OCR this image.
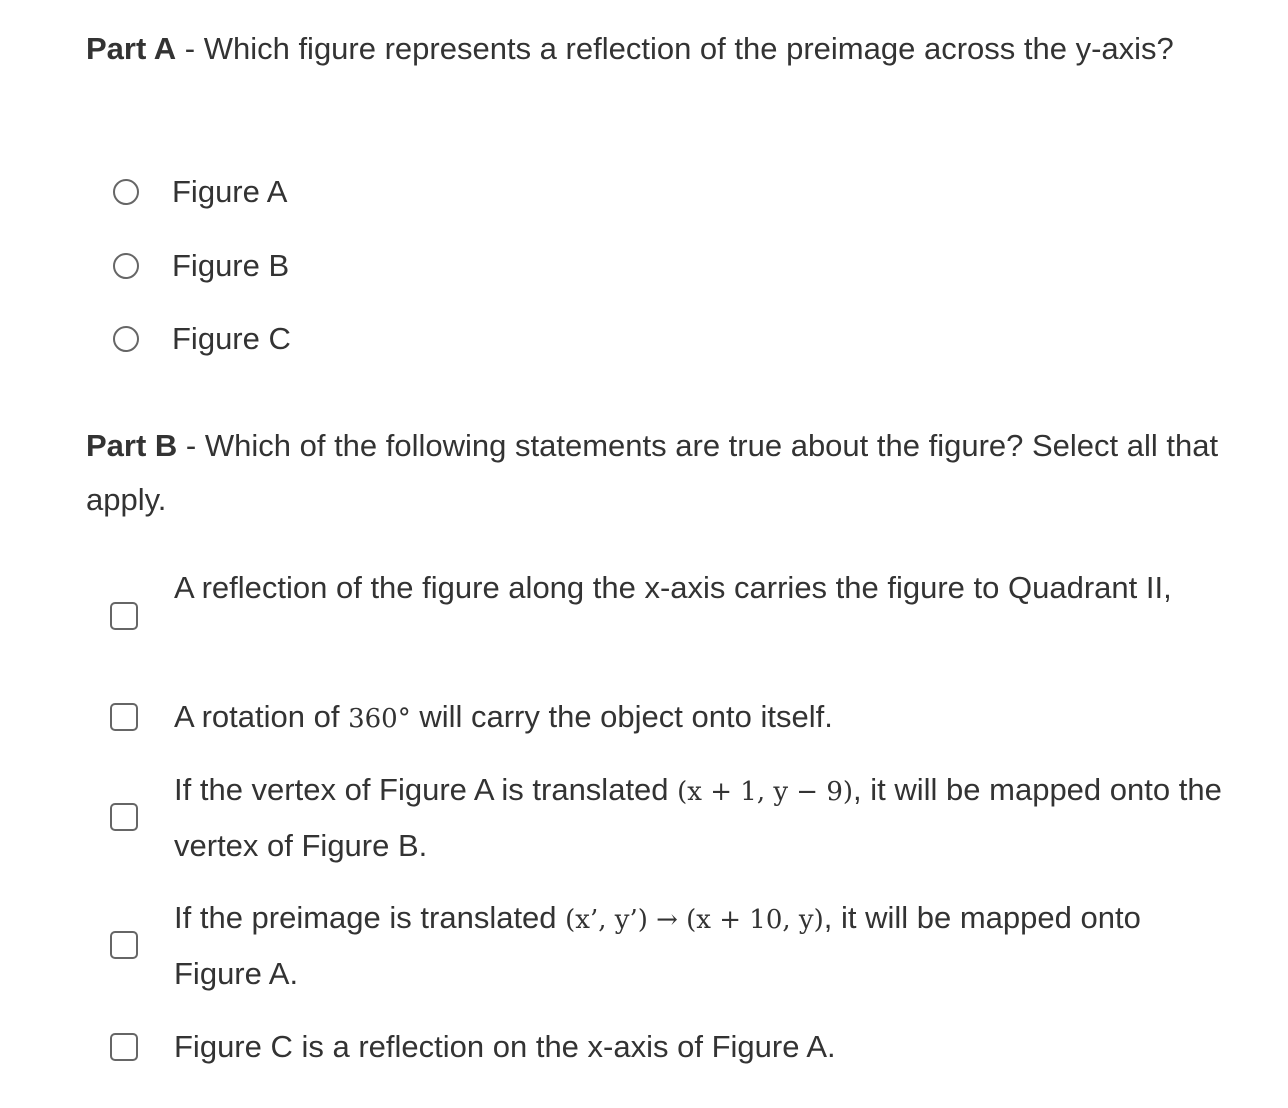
Part A - Which figure represents a reflection of the preimage across the y-axis?

Figure A
Figure B
Figure C

Part B - Which of the following statements are true about the figure? Select all that apply.

A reflection of the figure along the x-axis carries the figure to Quadrant II,
A rotation of 360° will carry the object onto itself.
If the vertex of Figure A is translated (x + 1, y − 9), it will be mapped onto the vertex of Figure B.
If the preimage is translated (x’, y’) → (x + 10, y), it will be mapped onto Figure A.
Figure C is a reflection on the x-axis of Figure A.
